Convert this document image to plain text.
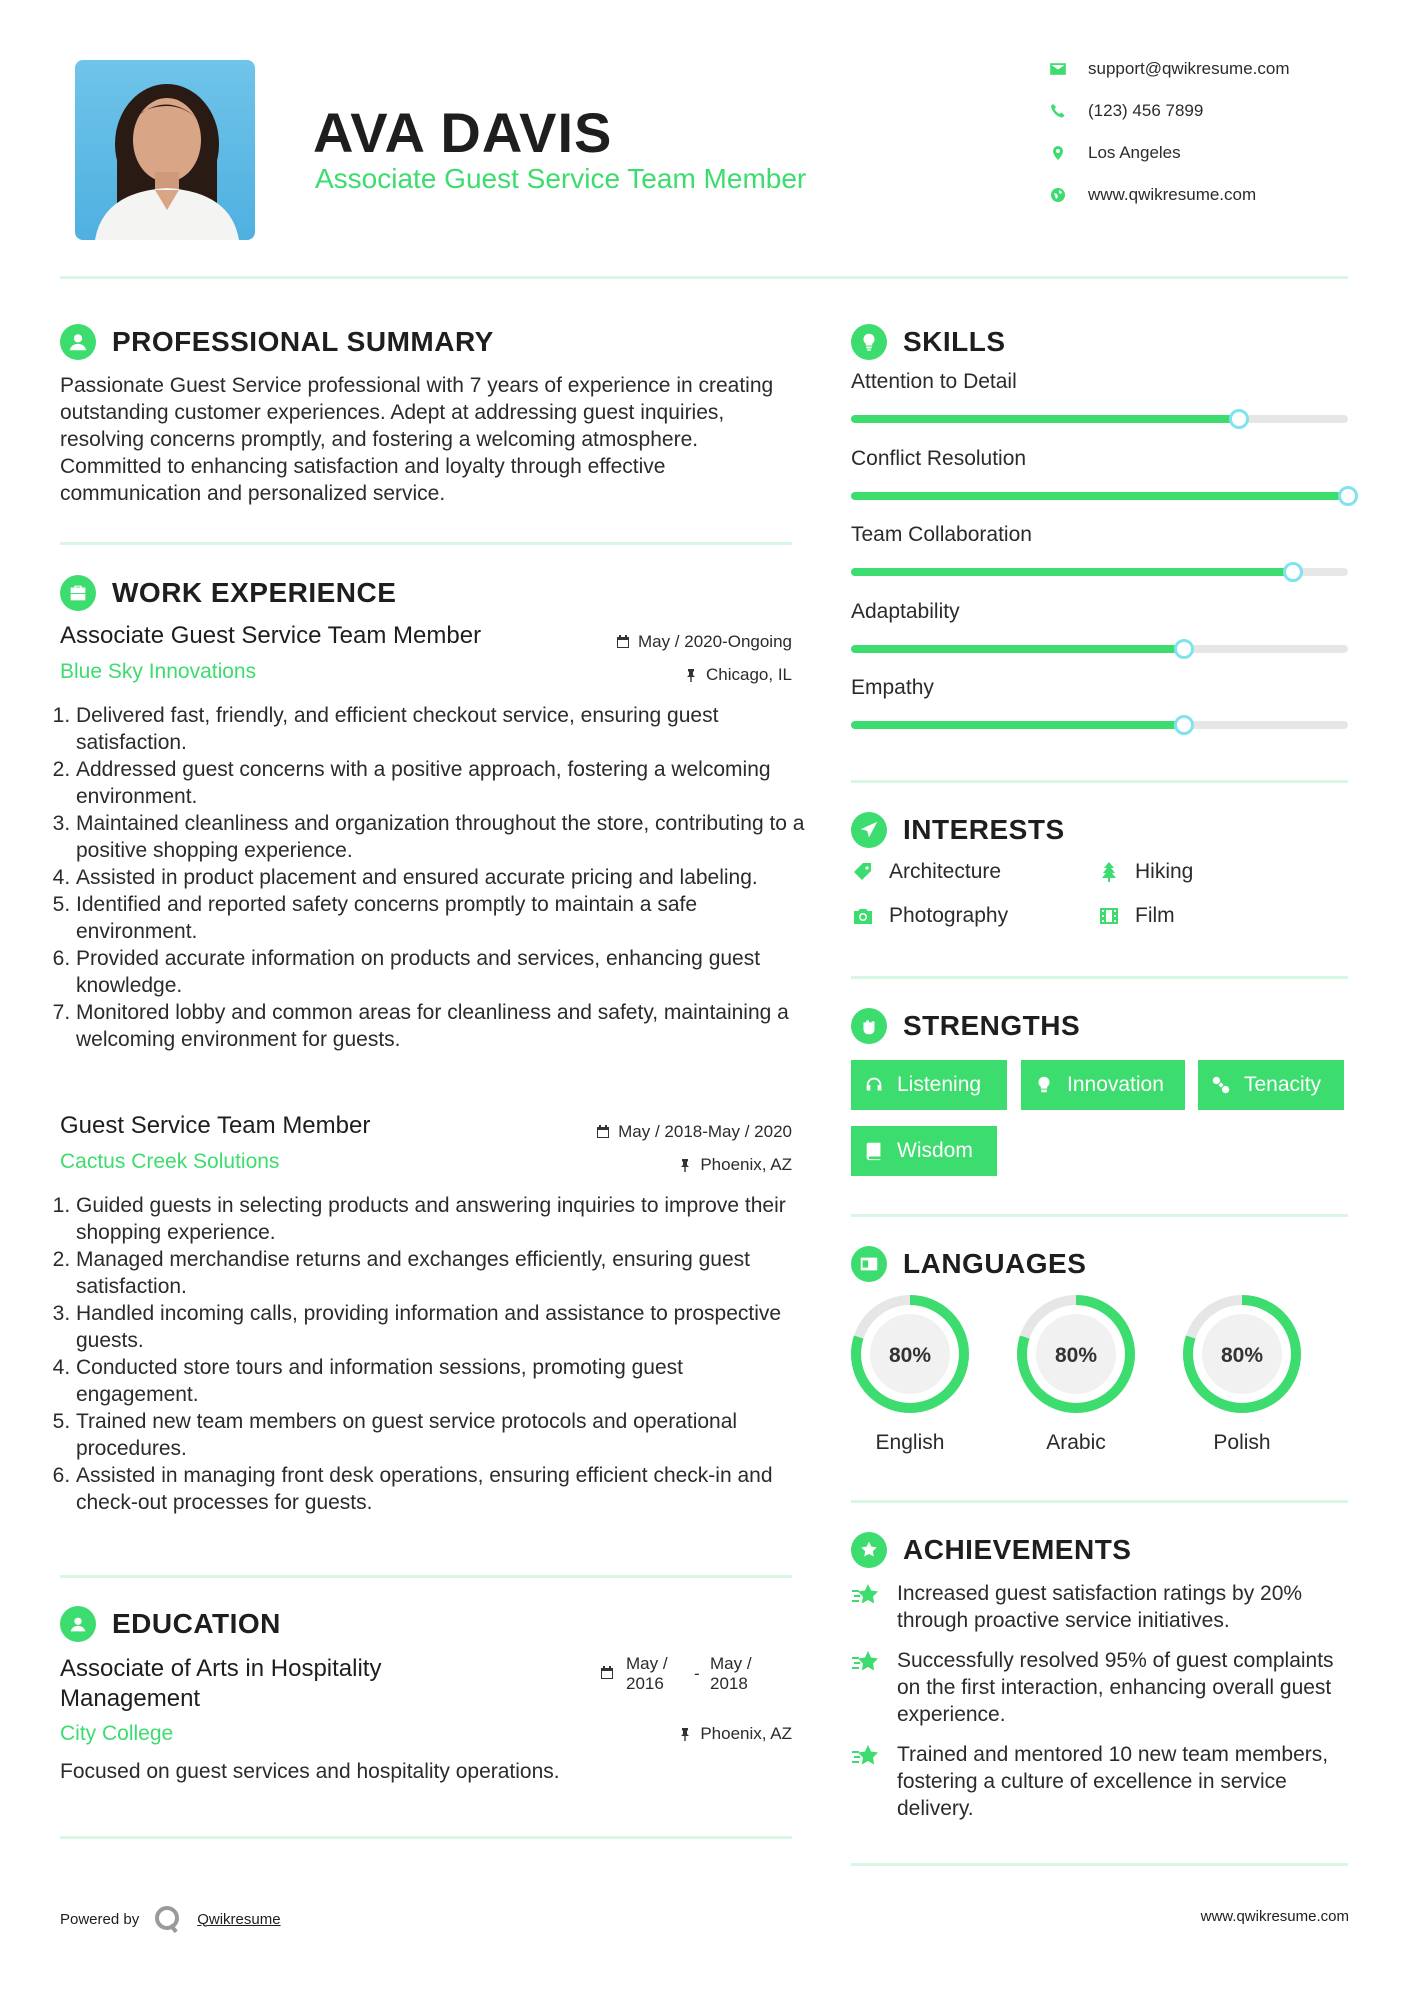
AVA DAVIS
Associate Guest Service Team Member
support@qwikresume.com
(123) 456 7899
Los Angeles
www.qwikresume.com
PROFESSIONAL SUMMARY
Passionate Guest Service professional with 7 years of experience in creating outstanding customer experiences. Adept at addressing guest inquiries, resolving concerns promptly, and fostering a welcoming atmosphere. Committed to enhancing satisfaction and loyalty through effective communication and personalized service.
WORK EXPERIENCE
Associate Guest Service Team Member	May / 2020-Ongoing
Blue Sky Innovations	Chicago, IL
1. Delivered fast, friendly, and efficient checkout service, ensuring guest satisfaction.
2. Addressed guest concerns with a positive approach, fostering a welcoming environment.
3. Maintained cleanliness and organization throughout the store, contributing to a positive shopping experience.
4. Assisted in product placement and ensured accurate pricing and labeling.
5. Identified and reported safety concerns promptly to maintain a safe environment.
6. Provided accurate information on products and services, enhancing guest knowledge.
7. Monitored lobby and common areas for cleanliness and safety, maintaining a welcoming environment for guests.
Guest Service Team Member	May / 2018-May / 2020
Cactus Creek Solutions	Phoenix, AZ
1. Guided guests in selecting products and answering inquiries to improve their shopping experience.
2. Managed merchandise returns and exchanges efficiently, ensuring guest satisfaction.
3. Handled incoming calls, providing information and assistance to prospective guests.
4. Conducted store tours and information sessions, promoting guest engagement.
5. Trained new team members on guest service protocols and operational procedures.
6. Assisted in managing front desk operations, ensuring efficient check-in and check-out processes for guests.
EDUCATION
Associate of Arts in Hospitality Management
May / 2016
-
May / 2018
City College	Phoenix, AZ
Focused on guest services and hospitality operations.
SKILLS
Attention to Detail
Conflict Resolution
Team Collaboration
Adaptability
Empathy
INTERESTS
Architecture	Hiking
Photography	Film
STRENGTHS
Listening	Innovation	Tenacity
Wisdom
LANGUAGES
80%
English
80%
Arabic
80%
Polish
ACHIEVEMENTS
Increased guest satisfaction ratings by 20% through proactive service initiatives.
Successfully resolved 95% of guest complaints on the first interaction, enhancing overall guest experience.
Trained and mentored 10 new team members, fostering a culture of excellence in service delivery.
Powered by	Qwikresume	www.qwikresume.com
